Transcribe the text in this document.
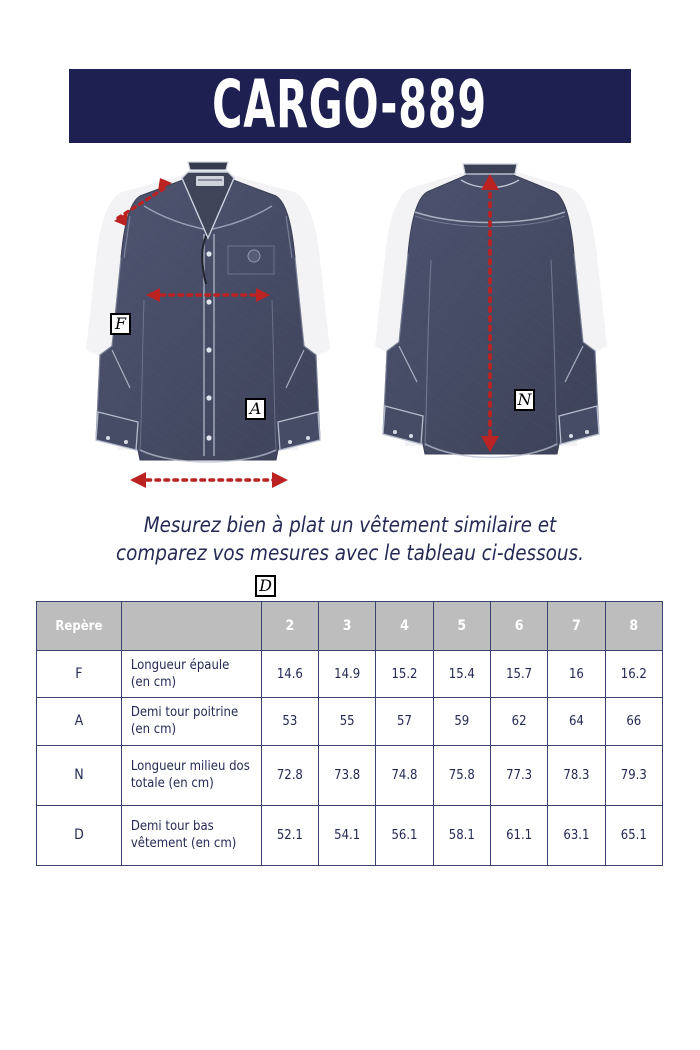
CARGO-889
F
A
D
N
Mesurez bien à plat un vêtement similaire et
comparez vos mesures avec le tableau ci-dessous.
Repère		2	3	4	5	6	7	8
F	Longueur épaule (en cm)	14.6	14.9	15.2	15.4	15.7	16	16.2
A	Demi tour poitrine (en cm)	53	55	57	59	62	64	66
N	Longueur milieu dos totale (en cm)	72.8	73.8	74.8	75.8	77.3	78.3	79.3
D	Demi tour bas vêtement (en cm)	52.1	54.1	56.1	58.1	61.1	63.1	65.1
